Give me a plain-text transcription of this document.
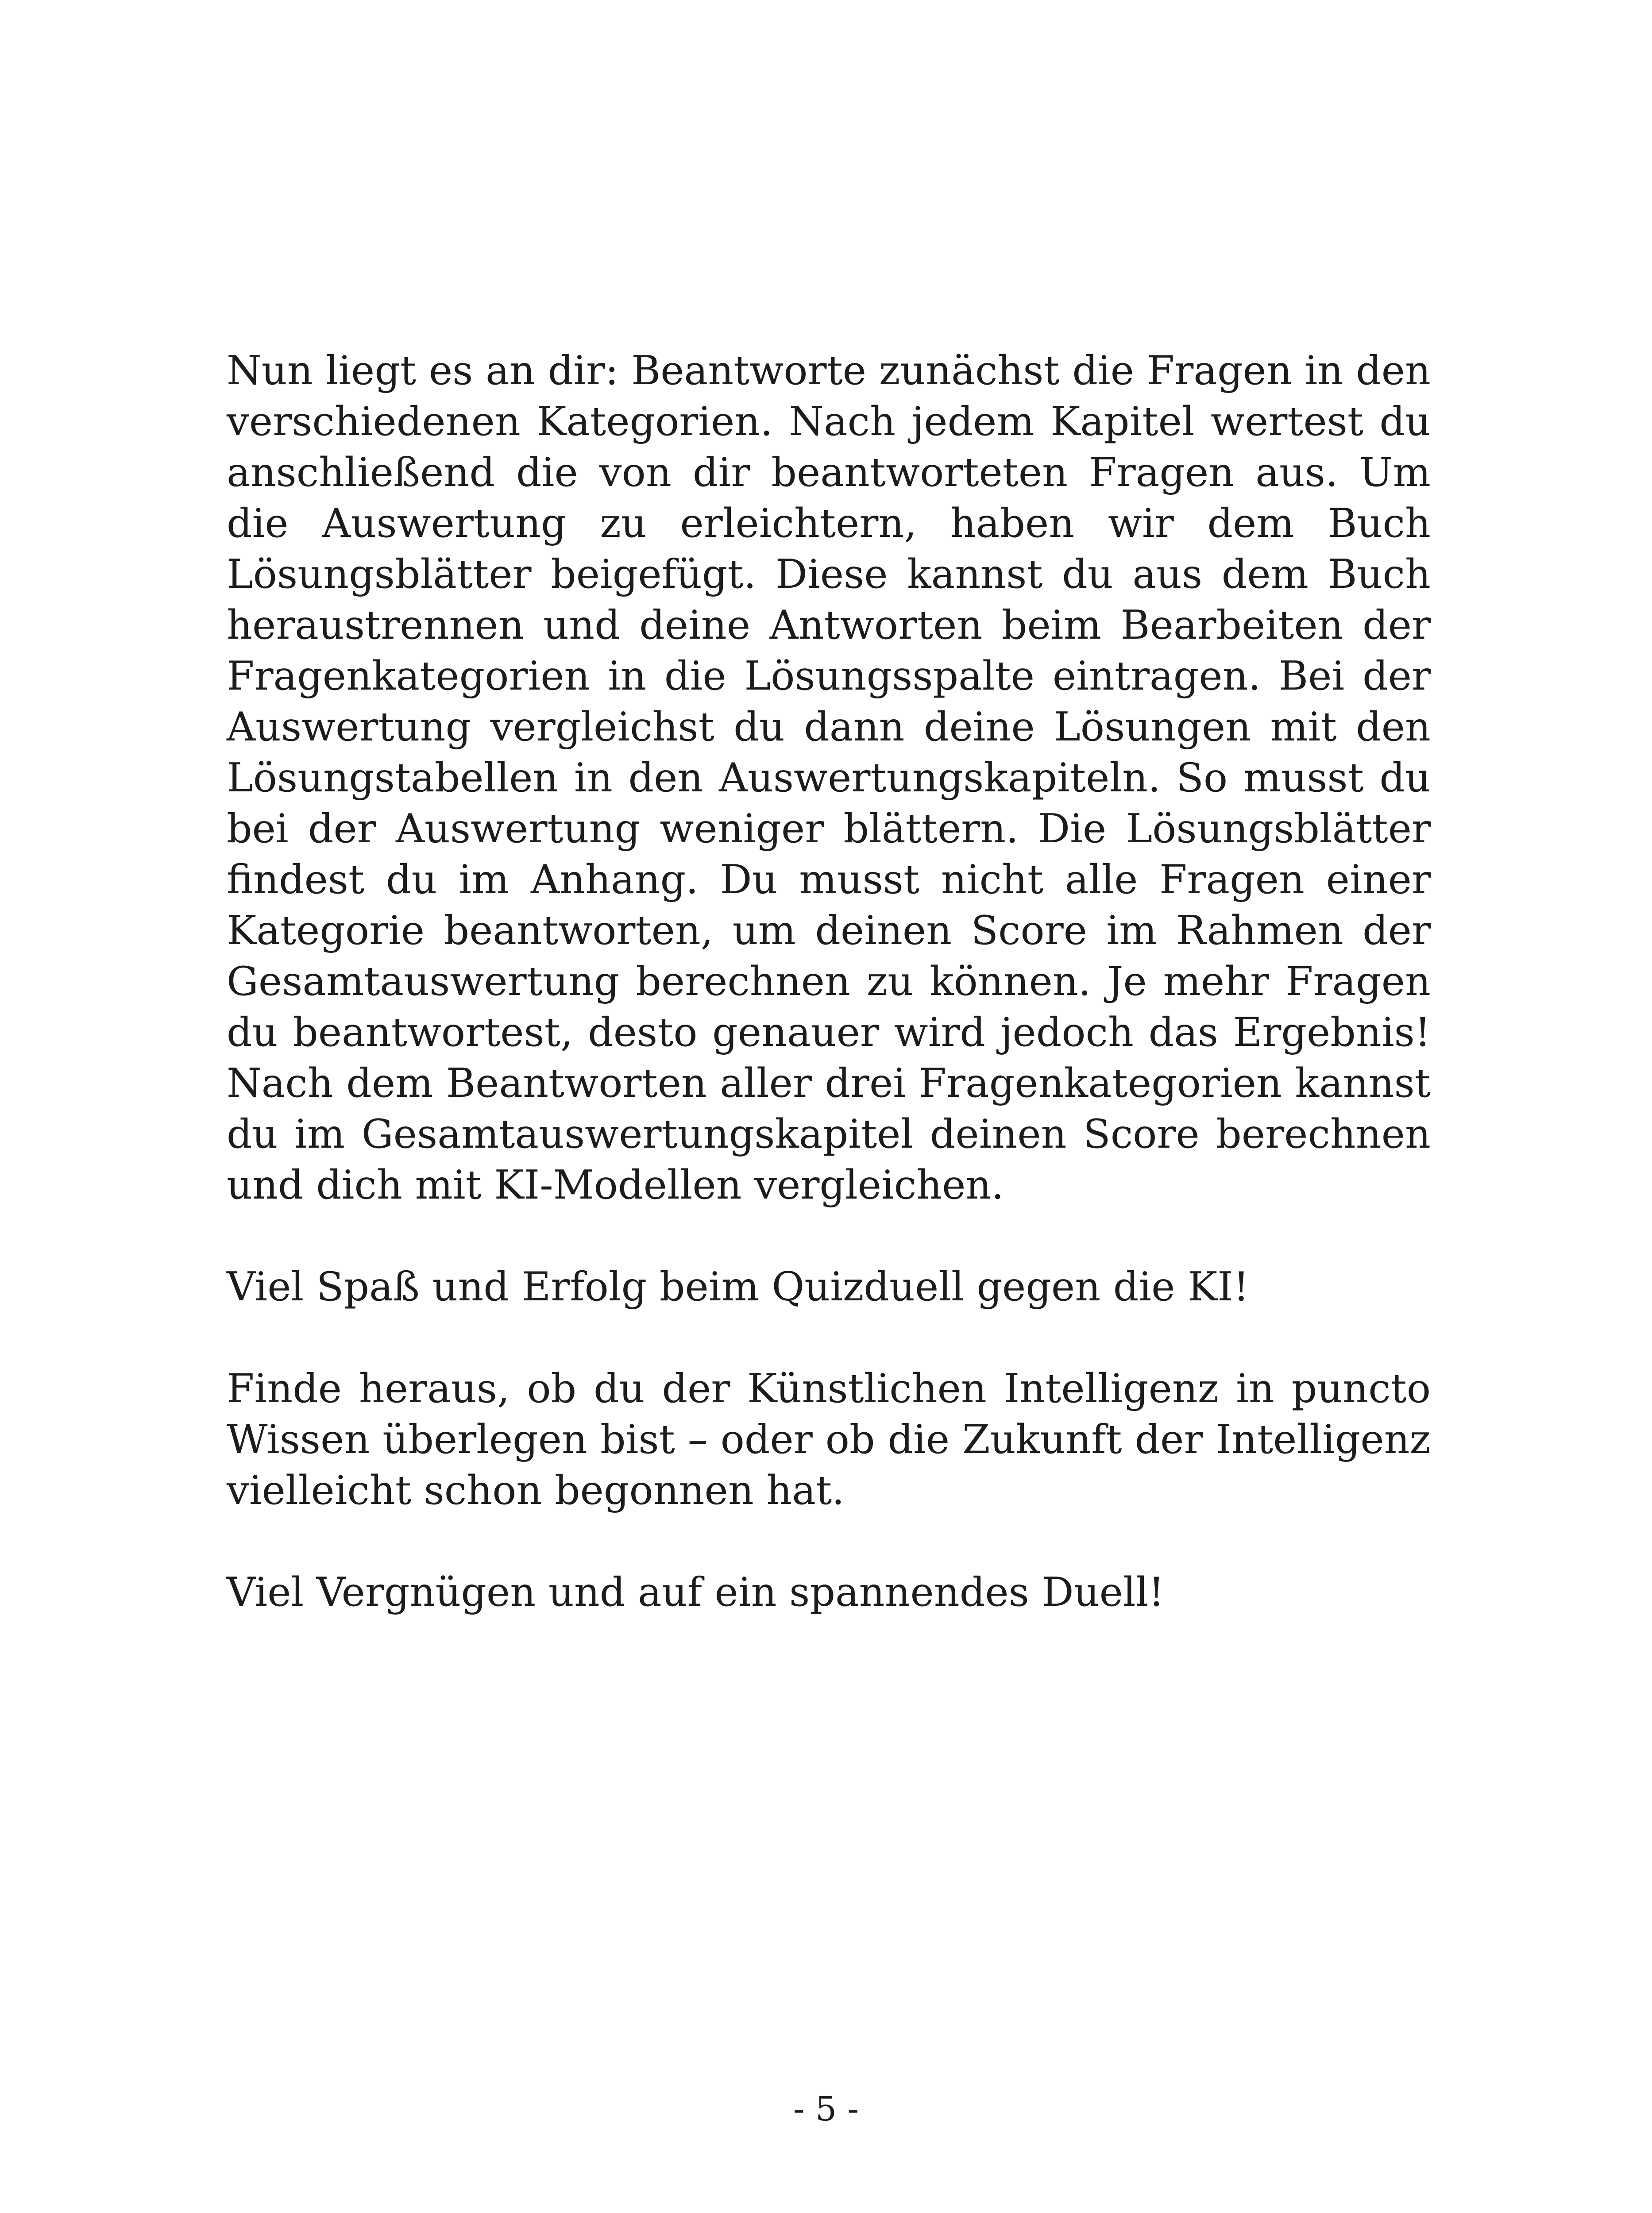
Nun liegt es an dir: Beantworte zunächst die Fragen in den verschiedenen Kategorien. Nach jedem Kapitel wertest du anschließend die von dir beantworteten Fragen aus. Um die Auswertung zu erleichtern, haben wir dem Buch Lösungsblätter beigefügt. Diese kannst du aus dem Buch heraustrennen und deine Antworten beim Bearbeiten der Fragenkategorien in die Lösungsspalte eintragen. Bei der Auswertung vergleichst du dann deine Lösungen mit den Lösungstabellen in den Auswertungskapiteln. So musst du bei der Auswertung weniger blättern. Die Lösungsblätter findest du im Anhang. Du musst nicht alle Fragen einer Kategorie beantworten, um deinen Score im Rahmen der Gesamtauswertung berechnen zu können. Je mehr Fragen du beantwortest, desto genauer wird jedoch das Ergebnis! Nach dem Beantworten aller drei Fragenkategorien kannst du im Gesamtauswertungskapitel deinen Score berechnen und dich mit KI-Modellen vergleichen.

Viel Spaß und Erfolg beim Quizduell gegen die KI!

Finde heraus, ob du der Künstlichen Intelligenz in puncto Wissen überlegen bist – oder ob die Zukunft der Intelligenz vielleicht schon begonnen hat.

Viel Vergnügen und auf ein spannendes Duell!

- 5 -
